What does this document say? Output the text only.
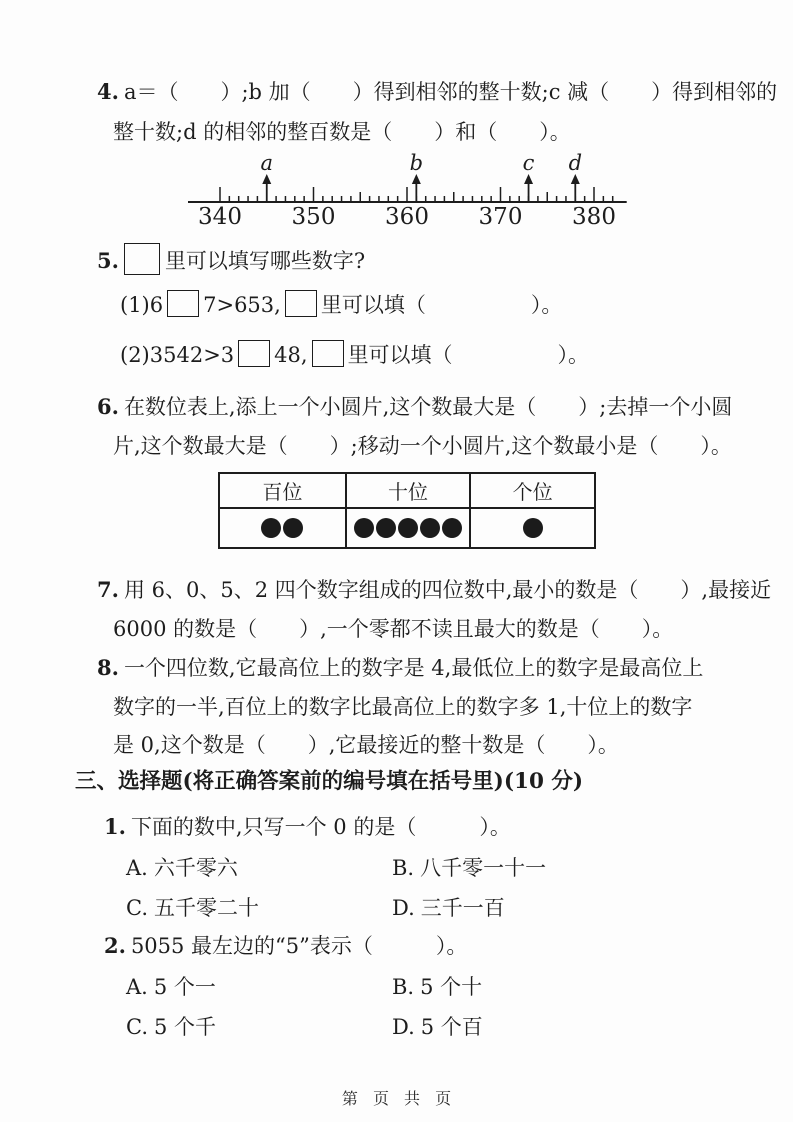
4. a＝（　　）;b 加（　　）得到相邻的整十数;c 减（　　）得到相邻的
整十数;d 的相邻的整百数是（　　）和（　　）。
340 350 360 370 380
a	b	c d
5. 里可以填写哪些数字?
(1)6 7>653, 里可以填（　　　　　）。
(2)3542>3 48, 里可以填（　　　　　）。
6. 在数位表上,添上一个小圆片,这个数最大是（　　）;去掉一个小圆
片,这个数最大是（　　）;移动一个小圆片,这个数最小是（　　）。
百位	十位	个位
7. 用 6、0、5、2 四个数字组成的四位数中,最小的数是（　　）,最接近
6000 的数是（　　）,一个零都不读且最大的数是（　　）。
8. 一个四位数,它最高位上的数字是 4,最低位上的数字是最高位上
数字的一半,百位上的数字比最高位上的数字多 1,十位上的数字
是 0,这个数是（　　）,它最接近的整十数是（　　）。
三、选择题(将正确答案前的编号填在括号里)(10 分)
1. 下面的数中,只写一个 0 的是（　　　）。
A. 六千零六	B. 八千零一十一
C. 五千零二十	D. 三千一百
2. 5055 最左边的“5”表示（　　　）。
A. 5 个一	B. 5 个十
C. 5 个千	D. 5 个百
第 页 共 页
